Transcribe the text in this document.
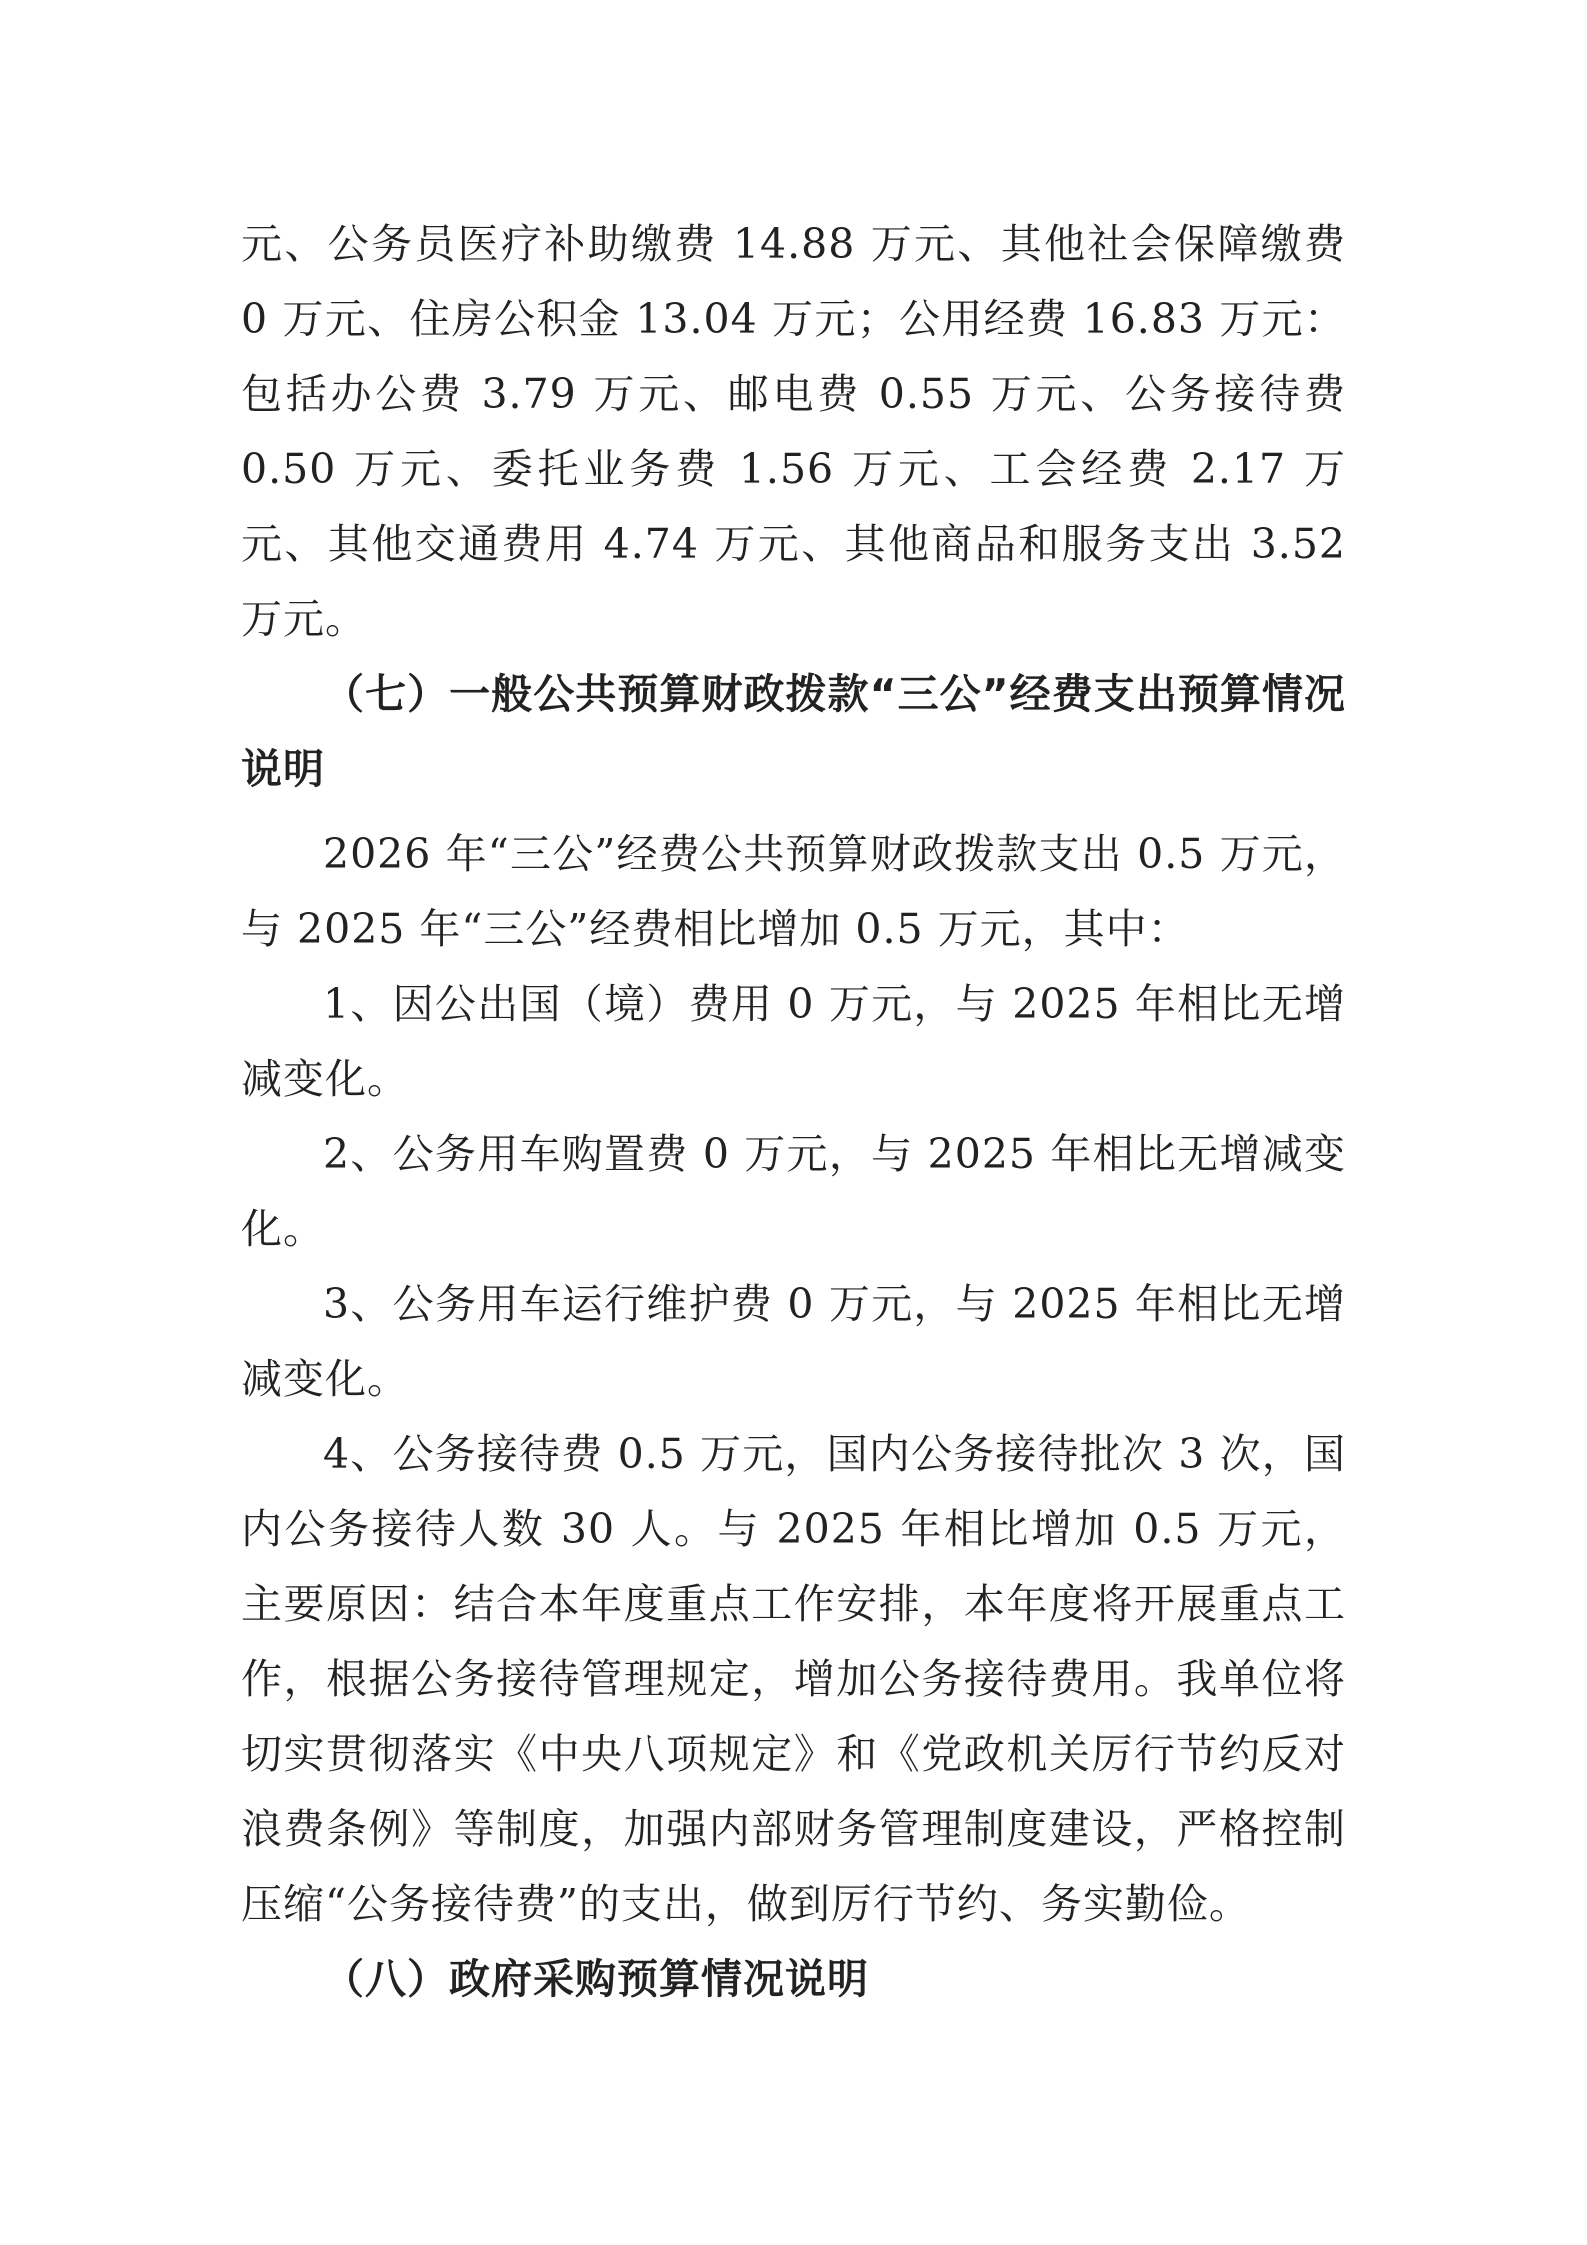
元、公务员医疗补助缴费 14.88 万元、其他社会保障缴费 0 万元、住房公积金 13.04 万元；公用经费 16.83 万元：包括办公费 3.79 万元、邮电费 0.55 万元、公务接待费 0.50 万元、委托业务费 1.56 万元、工会经费 2.17 万元、其他交通费用 4.74 万元、其他商品和服务支出 3.52 万元。

（七）一般公共预算财政拨款“三公”经费支出预算情况说明

2026 年“三公”经费公共预算财政拨款支出 0.5 万元，与 2025 年“三公”经费相比增加 0.5 万元，其中：

1、因公出国（境）费用 0 万元，与 2025 年相比无增减变化。

2、公务用车购置费 0 万元，与 2025 年相比无增减变化。

3、公务用车运行维护费 0 万元，与 2025 年相比无增减变化。

4、公务接待费 0.5 万元，国内公务接待批次 3 次，国内公务接待人数 30 人。与 2025 年相比增加 0.5 万元，主要原因：结合本年度重点工作安排，本年度将开展重点工作，根据公务接待管理规定，增加公务接待费用。我单位将切实贯彻落实《中央八项规定》和《党政机关厉行节约反对浪费条例》等制度，加强内部财务管理制度建设，严格控制压缩“公务接待费”的支出，做到厉行节约、务实勤俭。

（八）政府采购预算情况说明
